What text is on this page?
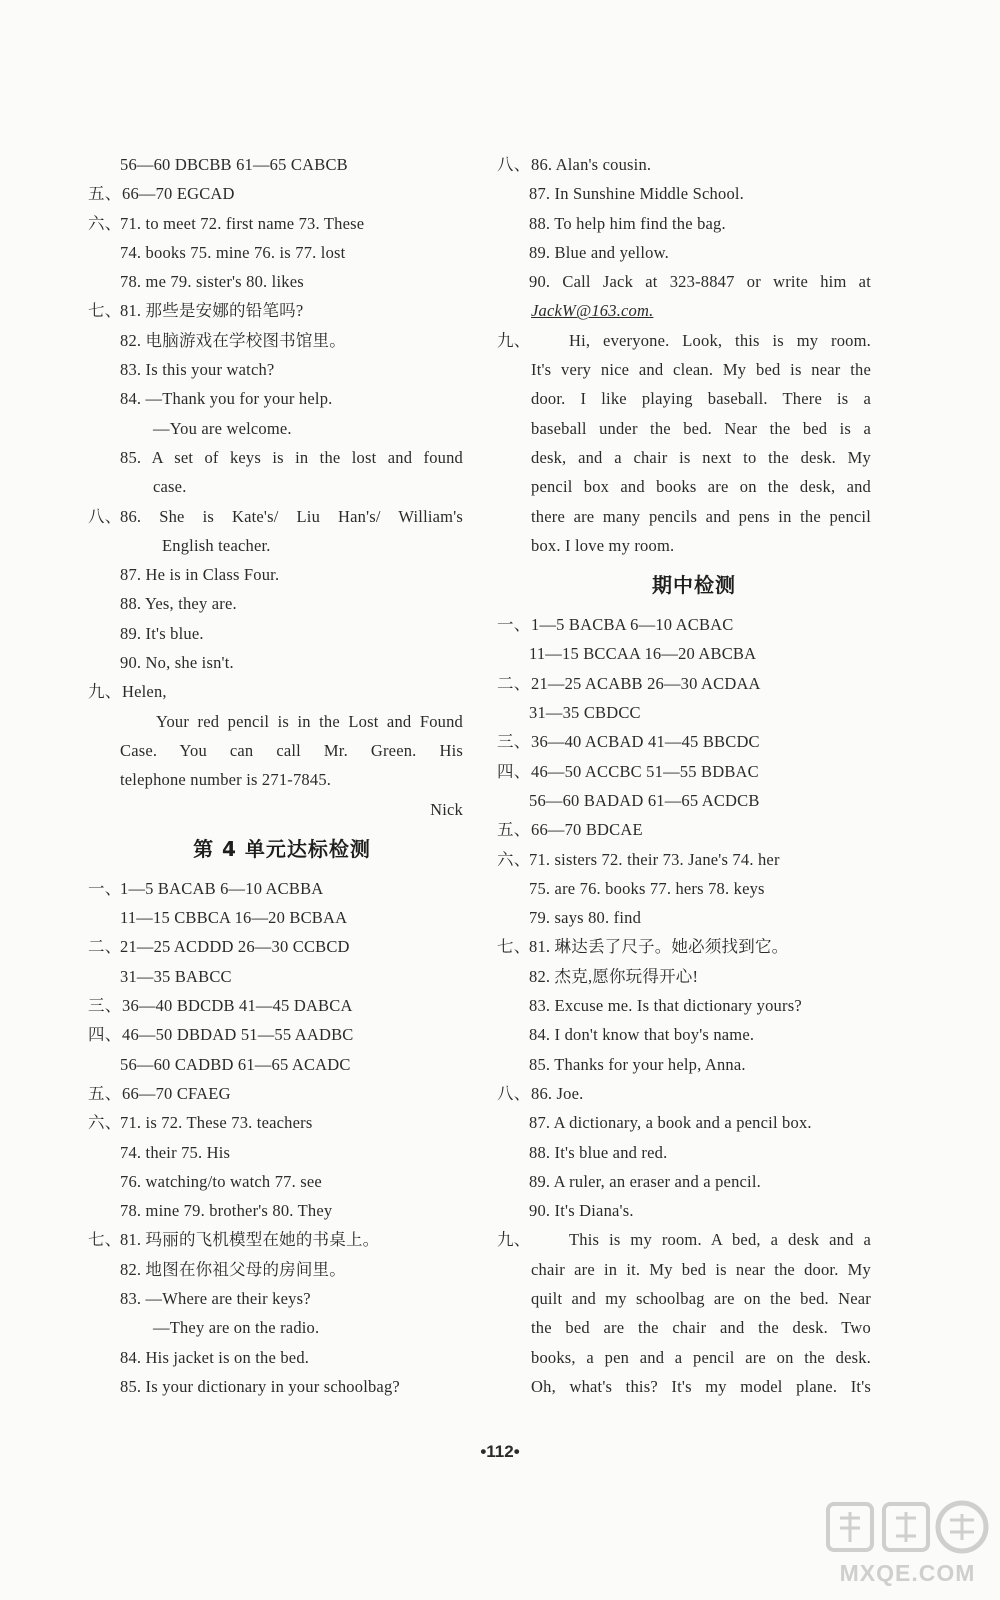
56—60 DBCBB 61—65 CABCB
五、 66—70 EGCAD
六、
71. to meet 72. first name 73. These
74. books 75. mine 76. is 77. lost
78. me 79. sister's 80. likes
七、
81. 那些是安娜的铅笔吗?
82. 电脑游戏在学校图书馆里。
83. Is this your watch?
84. —Thank you for your help.
—You are welcome.
85. A set of keys is in the lost and found
case.
八、
86. She is Kate's/ Liu Han's/ William's
English teacher.
87. He is in Class Four.
88. Yes, they are.
89. It's blue.
90. No, she isn't.
九、 Helen,
Your red pencil is in the Lost and Found
Case. You can call Mr. Green. His
telephone number is 271-7845.
Nick
第 4 单元达标检测
一、
1—5 BACAB 6—10 ACBBA
11—15 CBBCA 16—20 BCBAA
二、
21—25 ACDDD 26—30 CCBCD
31—35 BABCC
三、 36—40 BDCDB 41—45 DABCA
四、 46—50 DBDAD 51—55 AADBC
56—60 CADBD 61—65 ACADC
五、 66—70 CFAEG
六、
71. is 72. These 73. teachers
74. their 75. His
76. watching/to watch 77. see
78. mine 79. brother's 80. They
七、
81. 玛丽的飞机模型在她的书桌上。
82. 地图在你祖父母的房间里。
83. —Where are their keys?
—They are on the radio.
84. His jacket is on the bed.
85. Is your dictionary in your schoolbag?
八、 86. Alan's cousin.
87. In Sunshine Middle School.
88. To help him find the bag.
89. Blue and yellow.
90. Call Jack at 323-8847 or write him at
JackW@163.com.
九、 Hi, everyone. Look, this is my room.
It's very nice and clean. My bed is near the
door. I like playing baseball. There is a
baseball under the bed. Near the bed is a
desk, and a chair is next to the desk. My
pencil box and books are on the desk, and
there are many pencils and pens in the pencil
box. I love my room.
期中检测
一、 1—5 BACBA 6—10 ACBAC
11—15 BCCAA 16—20 ABCBA
二、 21—25 ACABB 26—30 ACDAA
31—35 CBDCC
三、 36—40 ACBAD 41—45 BBCDC
四、 46—50 ACCBC 51—55 BDBAC
56—60 BADAD 61—65 ACDCB
五、 66—70 BDCAE
六、
71. sisters 72. their 73. Jane's 74. her
75. are 76. books 77. hers 78. keys
79. says 80. find
七、
81. 琳达丢了尺子。她必须找到它。
82. 杰克,愿你玩得开心!
83. Excuse me. Is that dictionary yours?
84. I don't know that boy's name.
85. Thanks for your help, Anna.
八、 86. Joe.
87. A dictionary, a book and a pencil box.
88. It's blue and red.
89. A ruler, an eraser and a pencil.
90. It's Diana's.
九、 This is my room. A bed, a desk and a
chair are in it. My bed is near the door. My
quilt and my schoolbag are on the bed. Near
the bed are the chair and the desk. Two
books, a pen and a pencil are on the desk.
Oh, what's this? It's my model plane. It's
•112•
MXQE.COM
